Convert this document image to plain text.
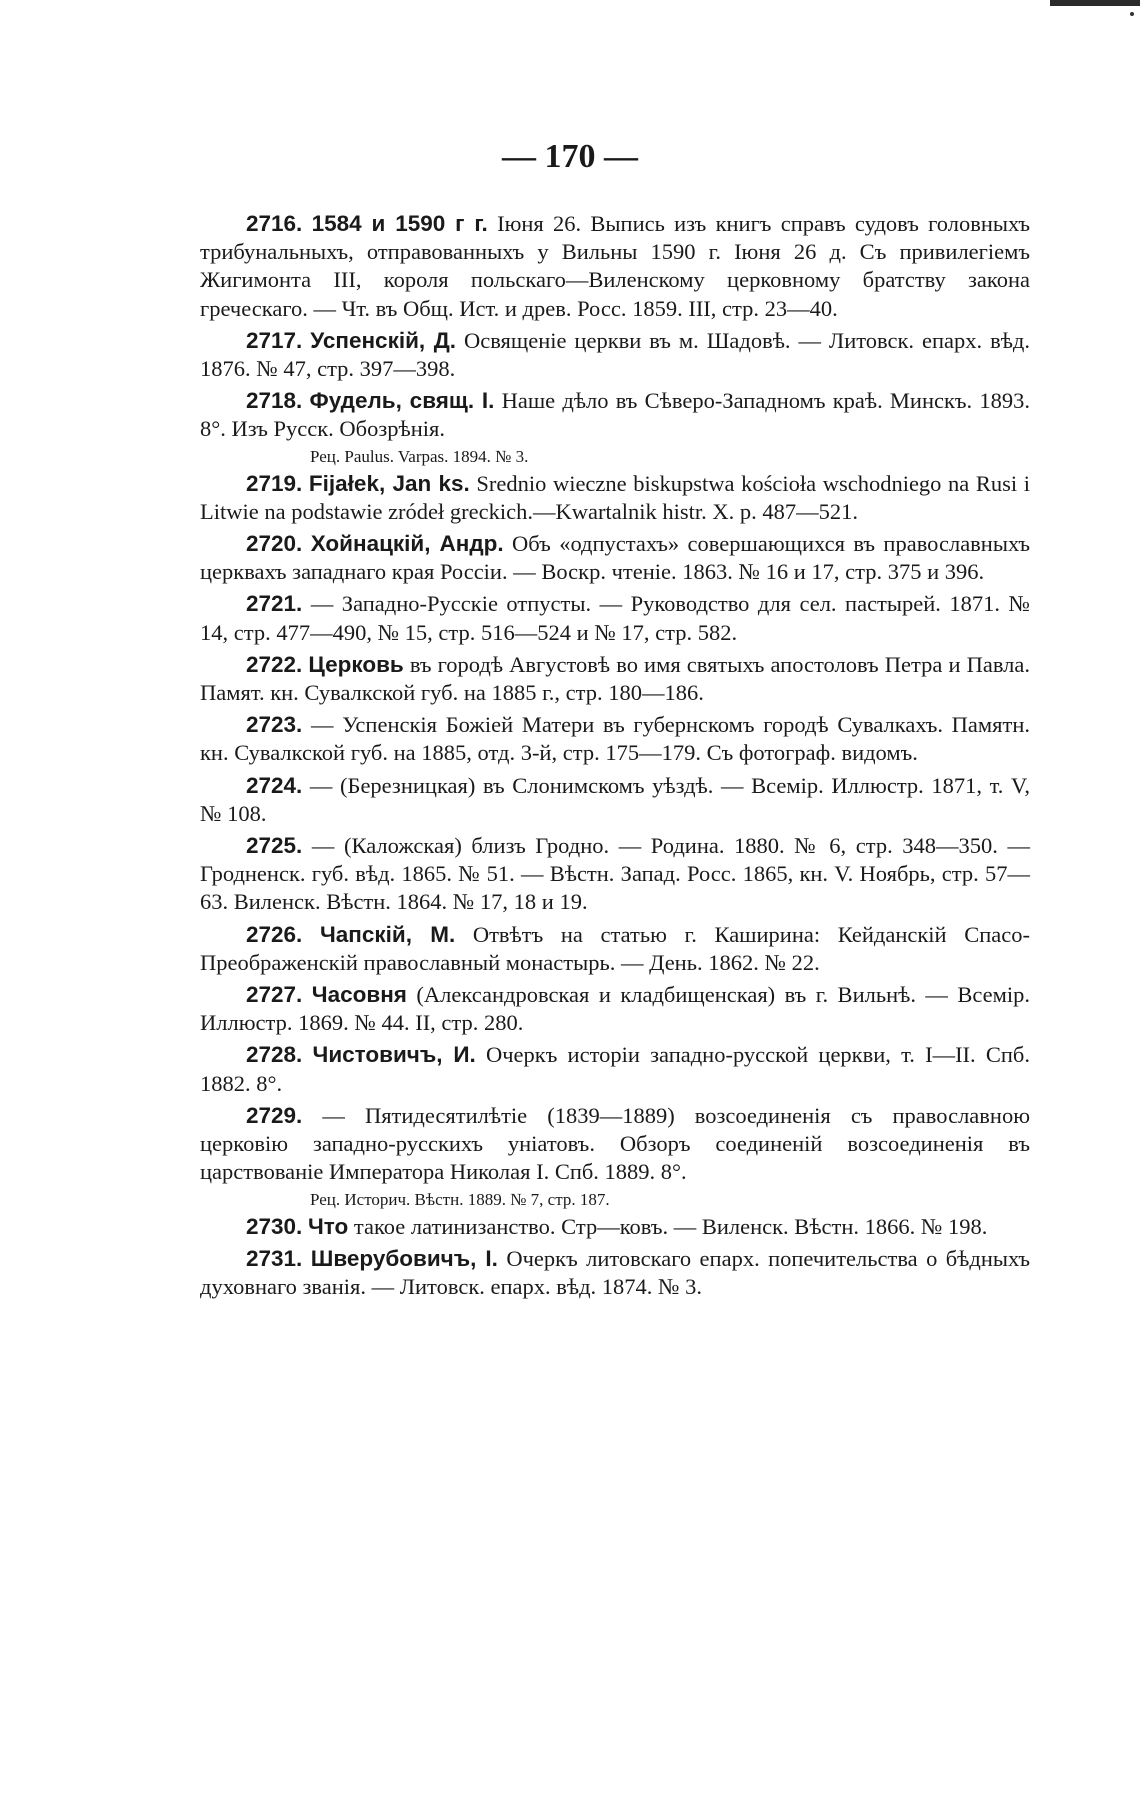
— 170 —

2716. 1584 и 1590 г г. Іюня 26. Выпись изъ книгъ справъ судовъ головныхъ трибунальныхъ, отправованныхъ у Вильны 1590 г. Іюня 26 д. Съ привилегіемъ Жигимонта III, короля польскаго—Виленскому церковному братству закона греческаго. — Чт. въ Общ. Ист. и древ. Росс. 1859. III, стр. 23—40.

2717. Успенскій, Д. Освященіе церкви въ м. Шадовѣ. — Литовск. епарх. вѣд. 1876. № 47, стр. 397—398.

2718. Фудель, свящ. І. Наше дѣло въ Сѣверо-Западномъ краѣ. Минскъ. 1893. 8°. Изъ Русск. Обозрѣнія.

Рец. Paulus. Varpas. 1894. № 3.

2719. Fijałek, Jan ks. Srednio wieczne biskupstwa kościoła wschodniego na Rusi i Litwie na podstawie zródeł greckich.—Kwartalnik histr. X. p. 487—521.

2720. Хойнацкій, Андр. Объ «одпустахъ» совершающихся въ православныхъ церквахъ западнаго края Россіи. — Воскр. чтеніе. 1863. № 16 и 17, стр. 375 и 396.

2721. — Западно-Русскіе отпусты. — Руководство для сел. пастырей. 1871. № 14, стр. 477—490, № 15, стр. 516—524 и № 17, стр. 582.

2722. Церковь въ городѣ Августовѣ во имя святыхъ апостоловъ Петра и Павла. Памят. кн. Сувалкской губ. на 1885 г., стр. 180—186.

2723. — Успенскія Божіей Матери въ губернскомъ городѣ Сувалкахъ. Памятн. кн. Сувалкской губ. на 1885, отд. 3-й, стр. 175—179. Съ фотограф. видомъ.

2724. — (Березницкая) въ Слонимскомъ уѣздѣ. — Всемір. Иллюстр. 1871, т. V, № 108.

2725. — (Каложская) близъ Гродно. — Родина. 1880. № 6, стр. 348—350. — Гродненск. губ. вѣд. 1865. № 51. — Вѣстн. Запад. Росс. 1865, кн. V. Ноябрь, стр. 57—63. Виленск. Вѣстн. 1864. № 17, 18 и 19.

2726. Чапскій, М. Отвѣтъ на статью г. Каширина: Кейданскій Спасо-Преображенскій православный монастырь. — День. 1862. № 22.

2727. Часовня (Александровская и кладбищенская) въ г. Вильнѣ. — Всемір. Иллюстр. 1869. № 44. II, стр. 280.

2728. Чистовичъ, И. Очеркъ исторіи западно-русской церкви, т. I—II. Спб. 1882. 8°.

2729. — Пятидесятилѣтіе (1839—1889) возсоединенія съ православною церковію западно-русскихъ уніатовъ. Обзоръ соединеній возсоединенія въ царствованіе Императора Николая I. Спб. 1889. 8°.

Рец. Историч. Вѣстн. 1889. № 7, стр. 187.

2730. Что такое латинизанство. Стр—ковъ. — Виленск. Вѣстн. 1866. № 198.

2731. Шверубовичъ, І. Очеркъ литовскаго епарх. попечительства о бѣдныхъ духовнаго званія. — Литовск. епарх. вѣд. 1874. № 3.
